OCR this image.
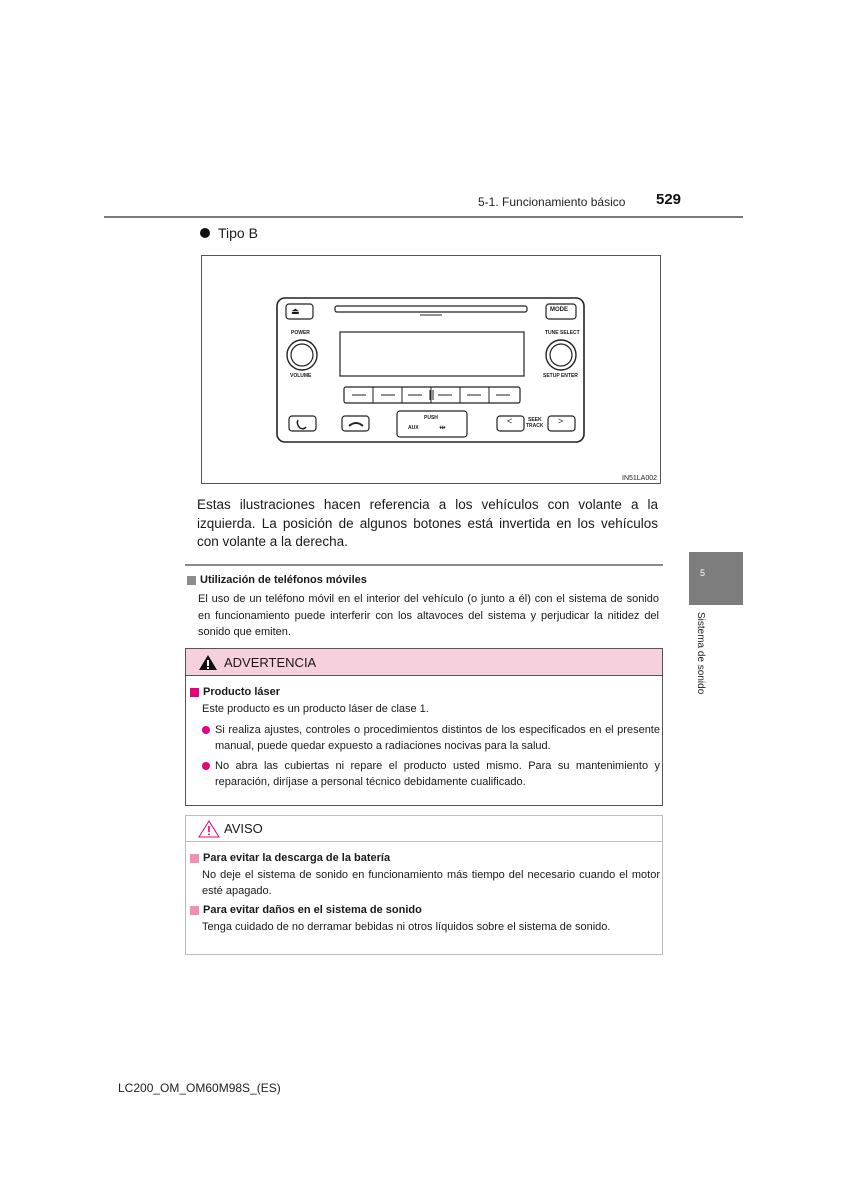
5-1. Funcionamiento básico 529
Tipo B
⏏	MODE
POWER
VOLUME
TUNE SELECT
SETUP ENTER
PUSH
AUX	⇹
<	>
SEEK
TRACK
IN51LA002
Estas ilustraciones hacen referencia a los vehículos con volante a la izquierda. La posición de algunos botones está invertida en los vehículos con volante a la derecha.
Utilización de teléfonos móviles
El uso de un teléfono móvil en el interior del vehículo (o junto a él) con el sistema de sonido en funcionamiento puede interferir con los altavoces del sistema y perjudicar la nitidez del sonido que emiten.
ADVERTENCIA
Producto láser
Este producto es un producto láser de clase 1.
Si realiza ajustes, controles o procedimientos distintos de los especificados en el presente manual, puede quedar expuesto a radiaciones nocivas para la salud.
No abra las cubiertas ni repare el producto usted mismo. Para su mantenimiento y reparación, diríjase a personal técnico debidamente cualificado.
AVISO
Para evitar la descarga de la batería
No deje el sistema de sonido en funcionamiento más tiempo del necesario cuando el motor esté apagado.
Para evitar daños en el sistema de sonido
Tenga cuidado de no derramar bebidas ni otros líquidos sobre el sistema de sonido.
5
Sistema de sonido
LC200_OM_OM60M98S_(ES)
